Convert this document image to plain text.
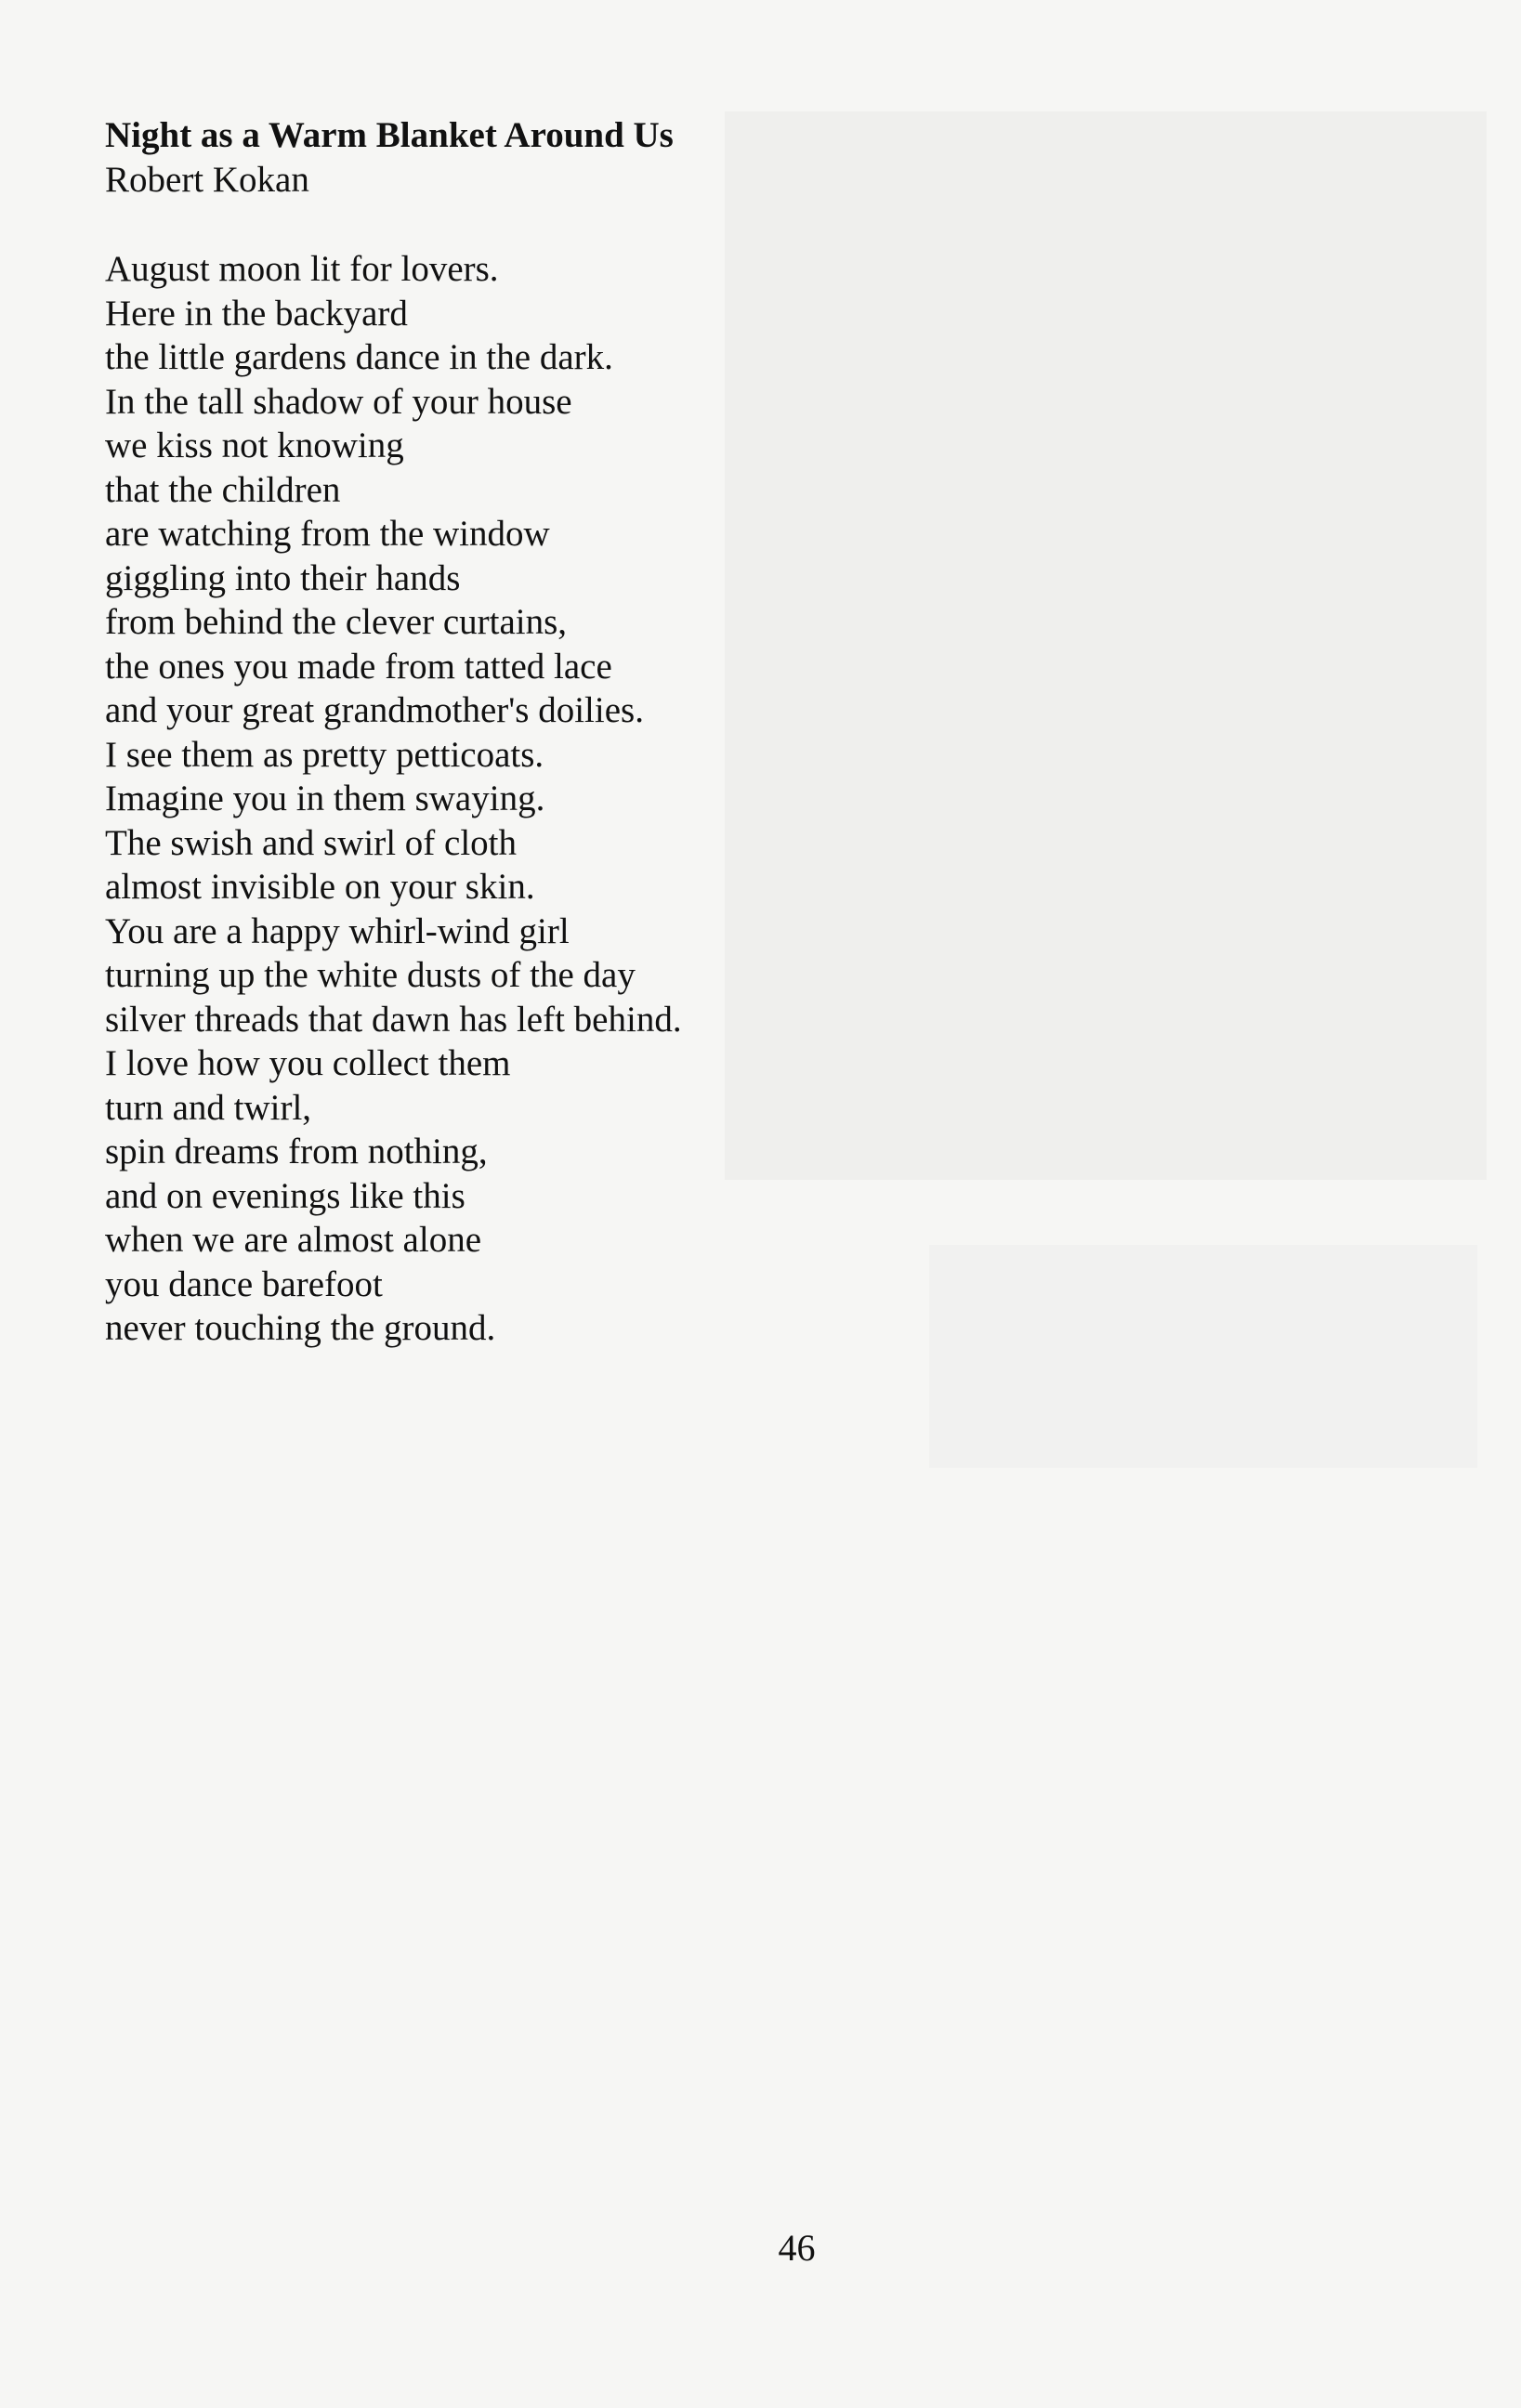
Night as a Warm Blanket Around Us

Robert Kokan

August moon lit for lovers.
Here in the backyard
the little gardens dance in the dark.
In the tall shadow of your house
we kiss not knowing
that the children
are watching from the window
giggling into their hands
from behind the clever curtains,
the ones you made from tatted lace
and your great grandmother's doilies.
I see them as pretty petticoats.
Imagine you in them swaying.
The swish and swirl of cloth
almost invisible on your skin.
You are a happy whirl-wind girl
turning up the white dusts of the day
silver threads that dawn has left behind.
I love how you collect them
turn and twirl,
spin dreams from nothing,
and on evenings like this
when we are almost alone
you dance barefoot
never touching the ground.
46
